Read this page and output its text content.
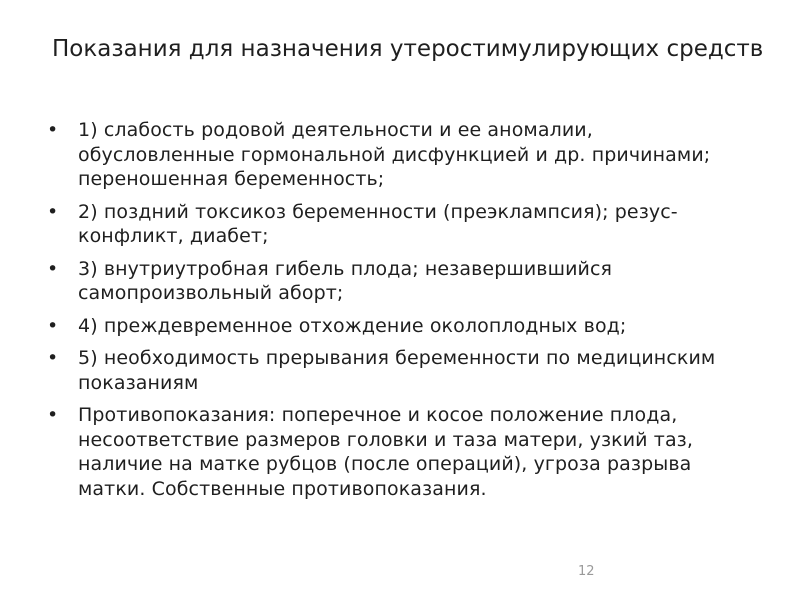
Показания для назначения утеростимулирующих средств
• 1) слабость родовой деятельности и ее аномалии, обусловленные гормональной дисфункцией и др. причинами; переношенная беременность;
• 2) поздний токсикоз беременности (преэклампсия); резус-конфликт, диабет;
• 3) внутриутробная гибель плода; незавершившийся самопроизвольный аборт;
• 4) преждевременное отхождение околоплодных вод;
• 5) необходимость прерывания беременности по медицинским показаниям
• Противопоказания: поперечное и косое положение плода, несоответствие размеров головки и таза матери, узкий таз, наличие на матке рубцов (после операций), угроза разрыва матки. Собственные противопоказания.
12
